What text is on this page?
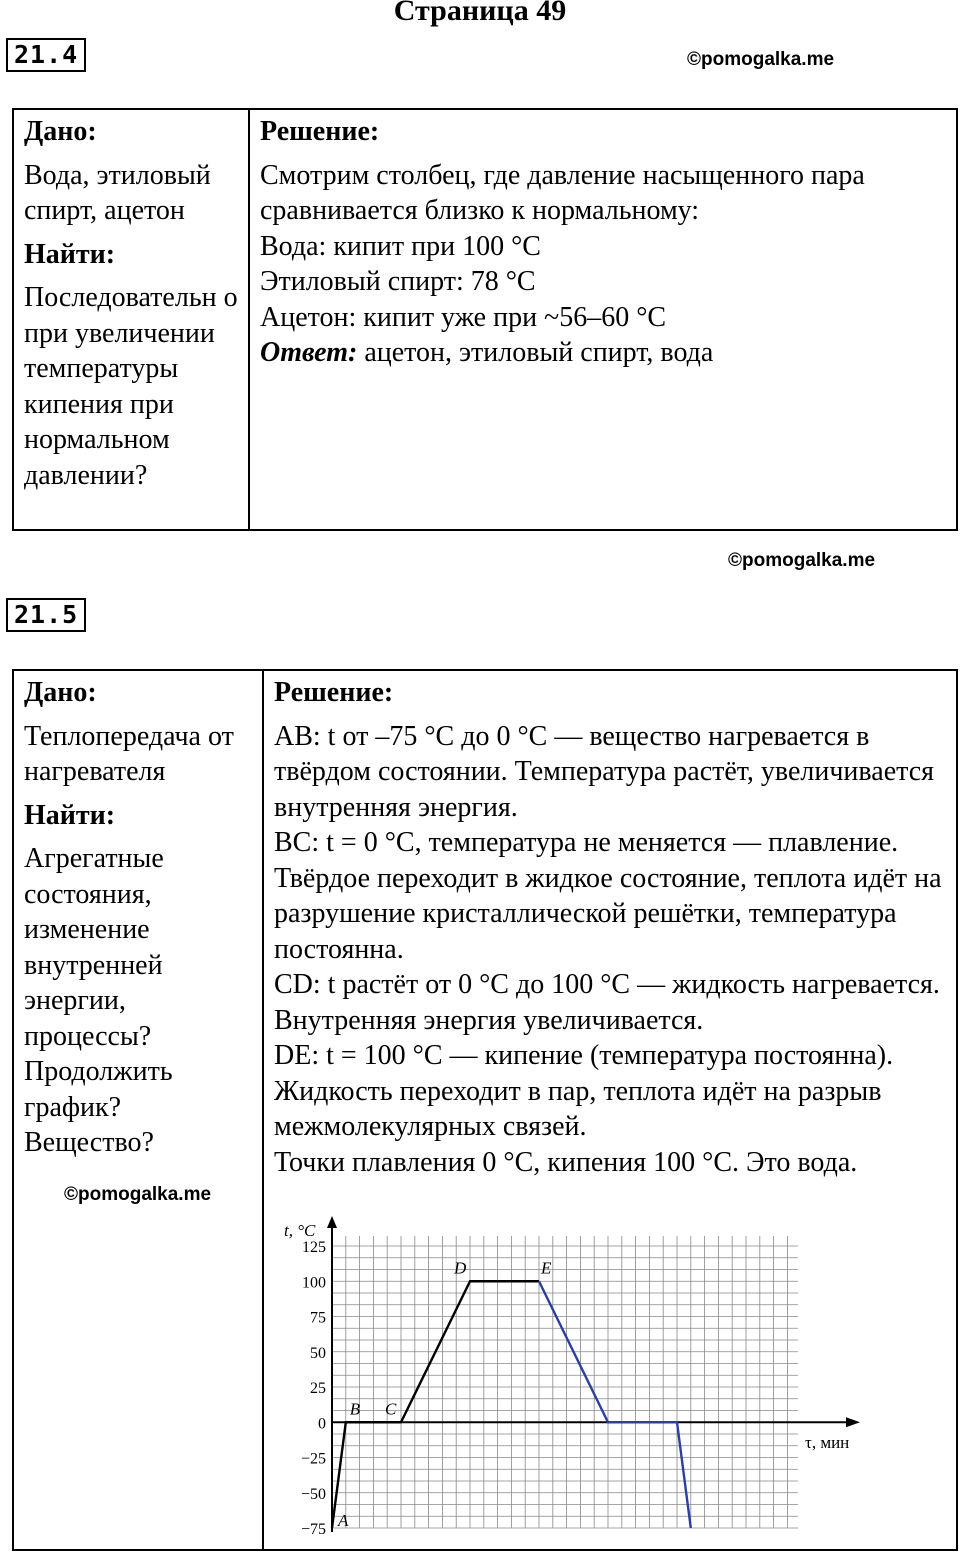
Страница 49
21.4	©pomogalka.me
Дано:
Вода, этиловый спирт, ацетон
Найти:
Последовательн о при увеличении температуры кипения при нормальном давлении?

Решение:
Смотрим столбец, где давление насыщенного пара сравнивается близко к нормальному:
Вода: кипит при 100 °C
Этиловый спирт: 78 °C
Ацетон: кипит уже при ~56–60 °C
Ответ: ацетон, этиловый спирт, вода
©pomogalka.me
21.5
Дано:
Теплопередача от нагревателя
Найти:
Агрегатные состояния, изменение внутренней энергии, процессы? Продолжить график? Вещество?
©pomogalka.me

Решение:
AB: t от –75 °C до 0 °C — вещество нагревается в твёрдом состоянии. Температура растёт, увеличивается внутренняя энергия.
BC: t = 0 °C, температура не меняется — плавление. Твёрдое переходит в жидкое состояние, теплота идёт на разрушение кристаллической решётки, температура постоянна.
CD: t растёт от 0 °C до 100 °C — жидкость нагревается. Внутренняя энергия увеличивается.
DE: t = 100 °C — кипение (температура постоянна). Жидкость переходит в пар, теплота идёт на разрыв межмолекулярных связей.
Точки плавления 0 °C, кипения 100 °C. Это вода.
125
100
75
50
25
0
−25
−50
−75 A
B C
D	E
t, °C
τ, мин
